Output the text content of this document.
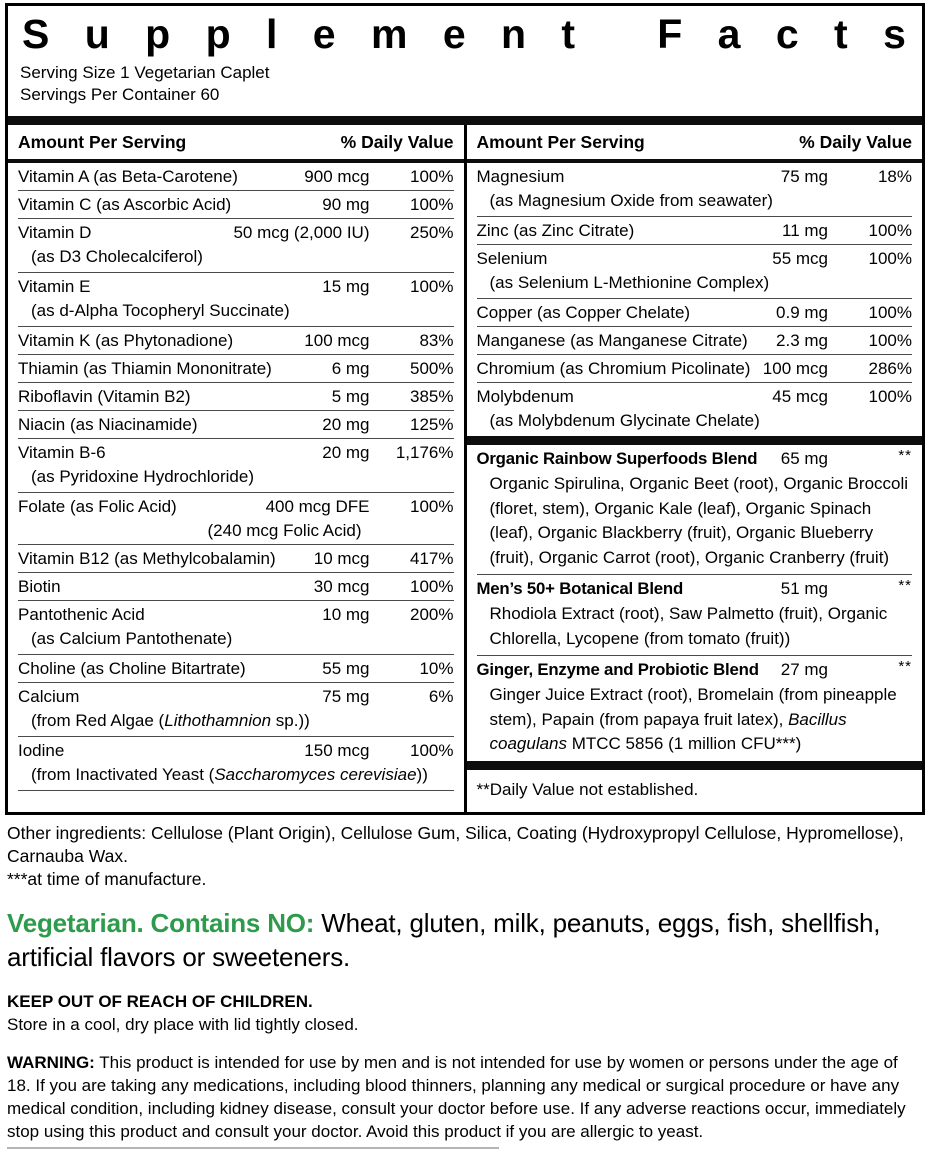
S u p p l e m e n t
F a c t s
Serving Size 1 Vegetarian Caplet
Servings Per Container 60
Amount Per Serving	% Daily Value
Vitamin A (as Beta-Carotene)	900 mcg	100%
Vitamin C (as Ascorbic Acid)	90 mg	100%
Vitamin D	50 mcg (2,000 IU)	250%
(as D3 Cholecalciferol)
Vitamin E	15 mg	100%
(as d-Alpha Tocopheryl Succinate)
Vitamin K (as Phytonadione)	100 mcg	83%
Thiamin (as Thiamin Mononitrate)	6 mg	500%
Riboflavin (Vitamin B2)	5 mg	385%
Niacin (as Niacinamide)	20 mg	125%
Vitamin B-6	20 mg	1,176%
(as Pyridoxine Hydrochloride)
Folate (as Folic Acid)	400 mcg DFE	100%
(240 mcg Folic Acid)
Vitamin B12 (as Methylcobalamin)	10 mcg	417%
Biotin	30 mcg	100%
Pantothenic Acid	10 mg	200%
(as Calcium Pantothenate)
Choline (as Choline Bitartrate)	55 mg	10%
Calcium	75 mg	6%
(from Red Algae (Lithothamnion sp.))
Iodine	150 mcg	100%
(from Inactivated Yeast (Saccharomyces cerevisiae))
Amount Per Serving	% Daily Value
Magnesium	75 mg	18%
(as Magnesium Oxide from seawater)
Zinc (as Zinc Citrate)	11 mg	100%
Selenium	55 mcg	100%
(as Selenium L-Methionine Complex)
Copper (as Copper Chelate)	0.9 mg	100%
Manganese (as Manganese Citrate)	2.3 mg	100%
Chromium (as Chromium Picolinate) 100 mcg	286%
Molybdenum	45 mcg	100%
(as Molybdenum Glycinate Chelate)
Organic Rainbow Superfoods Blend	65 mg	**
Organic Spirulina, Organic Beet (root), Organic Broccoli (floret, stem), Organic Kale (leaf), Organic Spinach (leaf), Organic Blackberry (fruit), Organic Blueberry (fruit), Organic Carrot (root), Organic Cranberry (fruit)
Men’s 50+ Botanical Blend	51 mg	**
Rhodiola Extract (root), Saw Palmetto (fruit), Organic Chlorella, Lycopene (from tomato (fruit))
Ginger, Enzyme and Probiotic Blend	27 mg	**
Ginger Juice Extract (root), Bromelain (from pineapple stem), Papain (from papaya fruit latex), Bacillus coagulans MTCC 5856 (1 million CFU***)
**Daily Value not established.

Other ingredients: Cellulose (Plant Origin), Cellulose Gum, Silica, Coating (Hydroxypropyl Cellulose, Hypromellose), Carnauba Wax.
***at time of manufacture.

Vegetarian. Contains NO: Wheat, gluten, milk, peanuts, eggs, fish, shellfish, artificial flavors or sweeteners.

KEEP OUT OF REACH OF CHILDREN.

Store in a cool, dry place with lid tightly closed.

WARNING: This product is intended for use by men and is not intended for use by women or persons under the age of 18. If you are taking any medications, including blood thinners, planning any medical or surgical procedure or have any medical condition, including kidney disease, consult your doctor before use. If any adverse reactions occur, immediately stop using this product and consult your doctor. Avoid this product if you are allergic to yeast.
